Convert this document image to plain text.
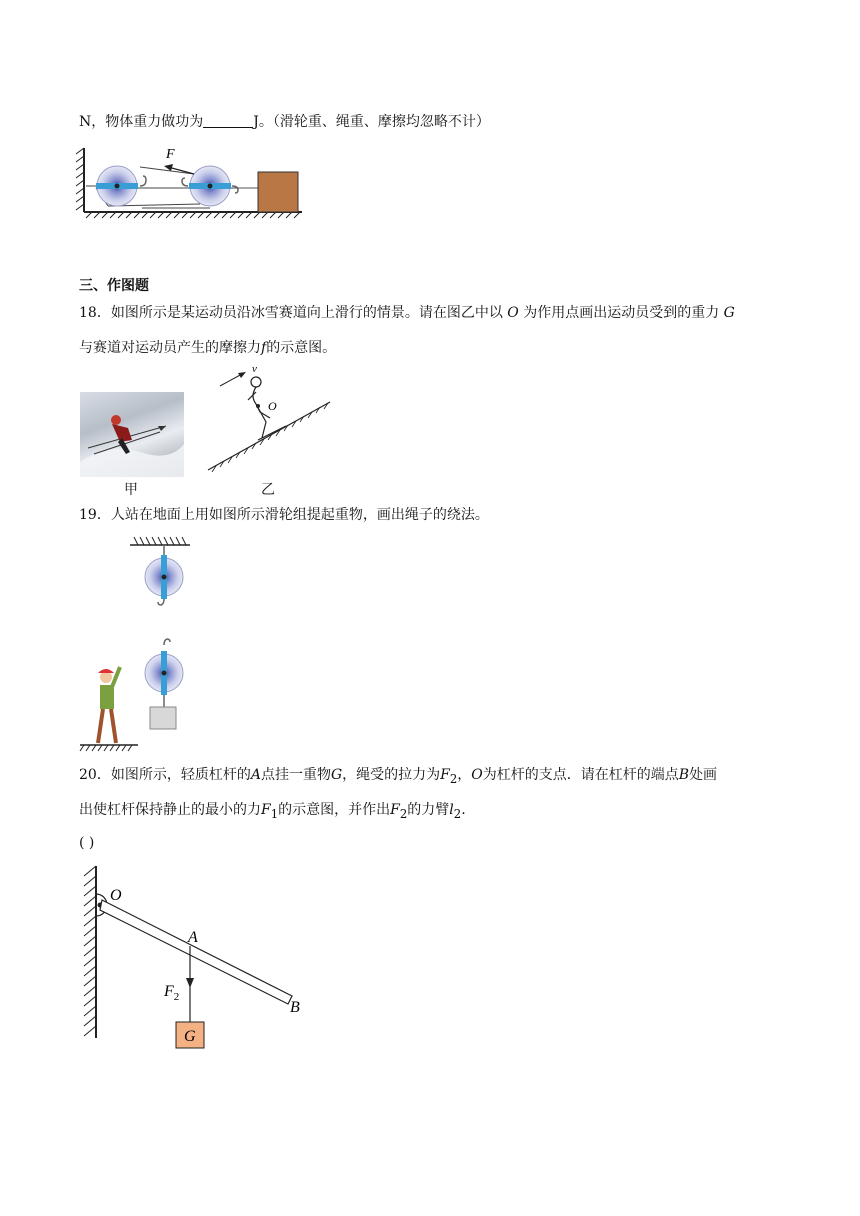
N，物体重力做功为	J。（滑轮重、绳重、摩擦均忽略不计）
F
三、作图题
18．如图所示是某运动员沿冰雪赛道向上滑行的情景。请在图乙中以 O 为作用点画出运动员受到的重力 G
与赛道对运动员产生的摩擦力f的示意图。
甲
v
O
乙
19．人站在地面上用如图所示滑轮组提起重物，画出绳子的绕法。
20．如图所示，轻质杠杆的A点挂一重物G，绳受的拉力为$F_2$，O为杠杆的支点．请在杠杆的端点B处画
出使杠杆保持静止的最小的力$F_1$的示意图，并作出$F_2$的力臂$l_2$.
( )
O
A
B
$F_2$
G
